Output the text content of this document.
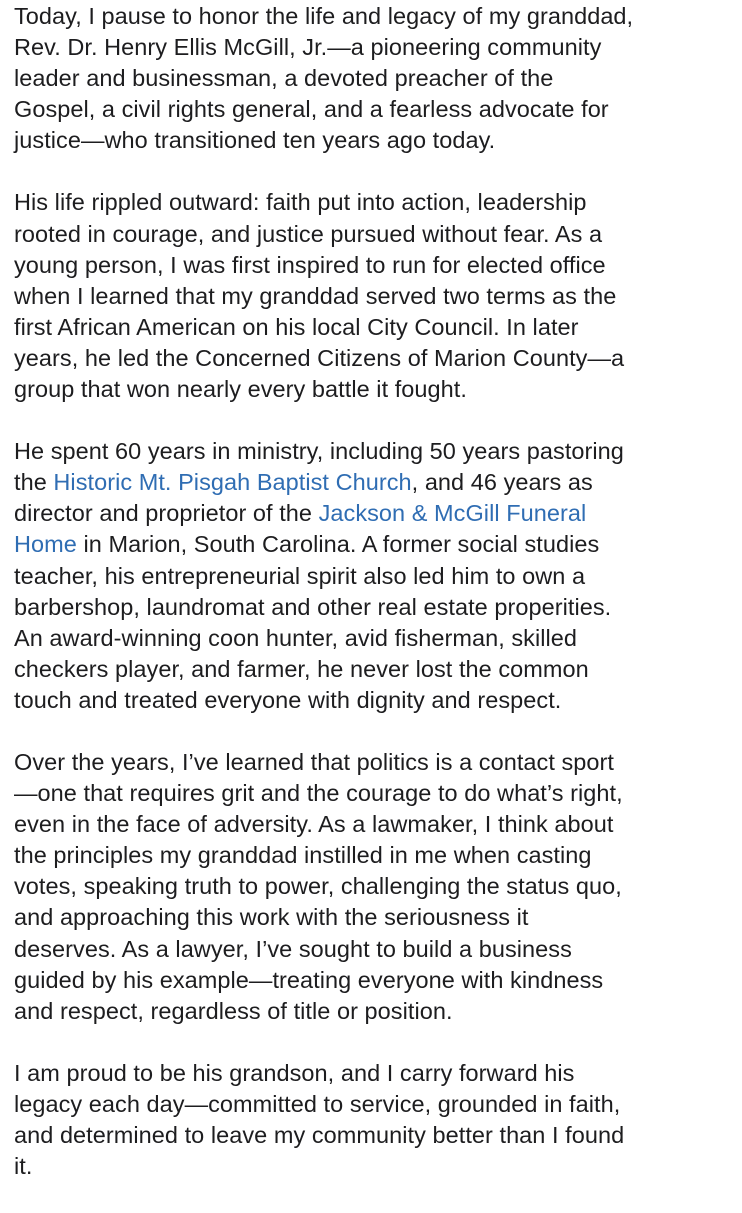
Today, I pause to honor the life and legacy of my granddad,
Rev. Dr. Henry Ellis McGill, Jr.—a pioneering community
leader and businessman, a devoted preacher of the
Gospel, a civil rights general, and a fearless advocate for
justice—who transitioned ten years ago today.

His life rippled outward: faith put into action, leadership
rooted in courage, and justice pursued without fear. As a
young person, I was first inspired to run for elected office
when I learned that my granddad served two terms as the
first African American on his local City Council. In later
years, he led the Concerned Citizens of Marion County—a
group that won nearly every battle it fought.

He spent 60 years in ministry, including 50 years pastoring
the Historic Mt. Pisgah Baptist Church, and 46 years as
director and proprietor of the Jackson & McGill Funeral
Home in Marion, South Carolina. A former social studies
teacher, his entrepreneurial spirit also led him to own a
barbershop, laundromat and other real estate properities.
An award-winning coon hunter, avid fisherman, skilled
checkers player, and farmer, he never lost the common
touch and treated everyone with dignity and respect.

Over the years, I’ve learned that politics is a contact sport
—one that requires grit and the courage to do what’s right,
even in the face of adversity. As a lawmaker, I think about
the principles my granddad instilled in me when casting
votes, speaking truth to power, challenging the status quo,
and approaching this work with the seriousness it
deserves. As a lawyer, I’ve sought to build a business
guided by his example—treating everyone with kindness
and respect, regardless of title or position.

I am proud to be his grandson, and I carry forward his
legacy each day—committed to service, grounded in faith,
and determined to leave my community better than I found
it.
